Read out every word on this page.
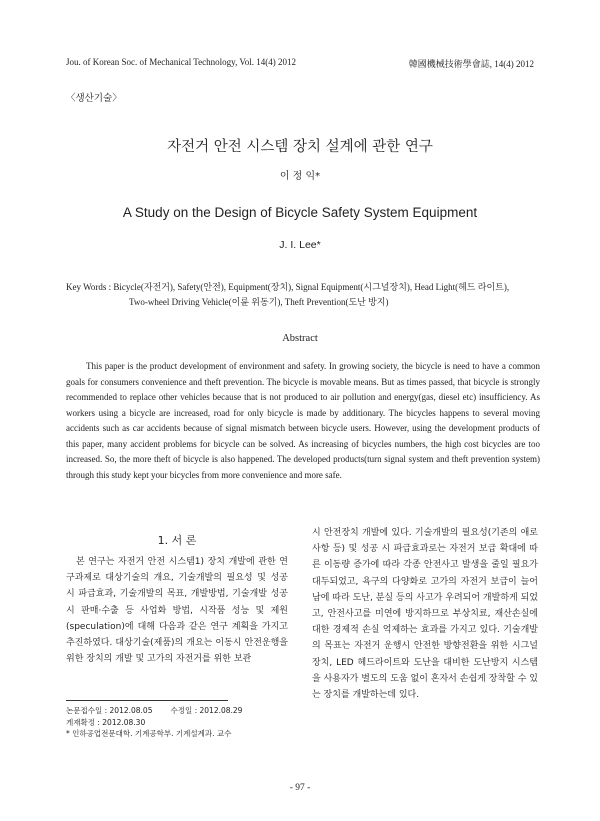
Jou. of Korean Soc. of Mechanical Technology, Vol. 14(4) 2012	韓國機械技術學會誌, 14(4) 2012
〈생산기술〉
자전거 안전 시스템 장치 설계에 관한 연구
이 정 익*
A Study on the Design of Bicycle Safety System Equipment
J. I. Lee*
Key Words : Bicycle(자전거), Safety(안전), Equipment(장치), Signal Equipment(시그널장치), Head Light(헤드 라이트),
Two-wheel Driving Vehicle(이륜 위동기), Theft Prevention(도난 방지)
Abstract
This paper is the product development of environment and safety. In growing society, the bicycle is need to have a common goals for consumers convenience and theft prevention. The bicycle is movable means. But as times passed, that bicycle is strongly recommended to replace other vehicles because that is not produced to air pollution and energy(gas, diesel etc) insufficiency. As workers using a bicycle are increased, road for only bicycle is made by additionary. The bicycles happens to several moving accidents such as car accidents because of signal mismatch between bicycle users. However, using the development products of this paper, many accident problems for bicycle can be solved. As increasing of bicycles numbers, the high cost bicycles are too increased. So, the more theft of bicycle is also happened. The developed products(turn signal system and theft prevention system) through this study kept your bicycles from more convenience and more safe.
1. 서 론

본 연구는 자전거 안전 시스템1) 장치 개발에 관한 연구과제로 대상기술의 개요, 기술개발의 필요성 및 성공 시 파급효과, 기술개발의 목표, 개발방법, 기술개발 성공 시 판매·수출 등 사업화 방법, 시작품 성능 및 제원(speculation)에 대해 다음과 같은 연구 계획을 가지고 추진하였다. 대상기술(제품)의 개요는 이동시 안전운행을 위한 장치의 개발 및 고가의 자전거를 위한 보관

시 안전장치 개발에 있다. 기술개발의 필요성(기존의 애로사항 등) 및 성공 시 파급효과로는 자전거 보급 확대에 따른 이동량 증가에 따라 각종 안전사고 발생을 줄일 필요가 대두되었고, 욕구의 다양화로 고가의 자전거 보급이 늘어남에 따라 도난, 분실 등의 사고가 우려되어 개발하게 되었고, 안전사고를 미연에 방지하므로 부상치료, 재산손실에 대한 경제적 손실 억제하는 효과를 가지고 있다. 기술개발의 목표는 자전거 운행시 안전한 방향전환을 위한 시그널장치, LED 헤드라이트와 도난을 대비한 도난방지 시스템을 사용자가 별도의 도움 없이 혼자서 손쉽게 장착할 수 있는 장치를 개발하는데 있다.

논문접수일 : 2012.08.05 수정일 : 2012.08.29
게재확정 : 2012.08.30
* 인하공업전문대학. 기계공학부. 기계설계과. 교수
- 97 -
